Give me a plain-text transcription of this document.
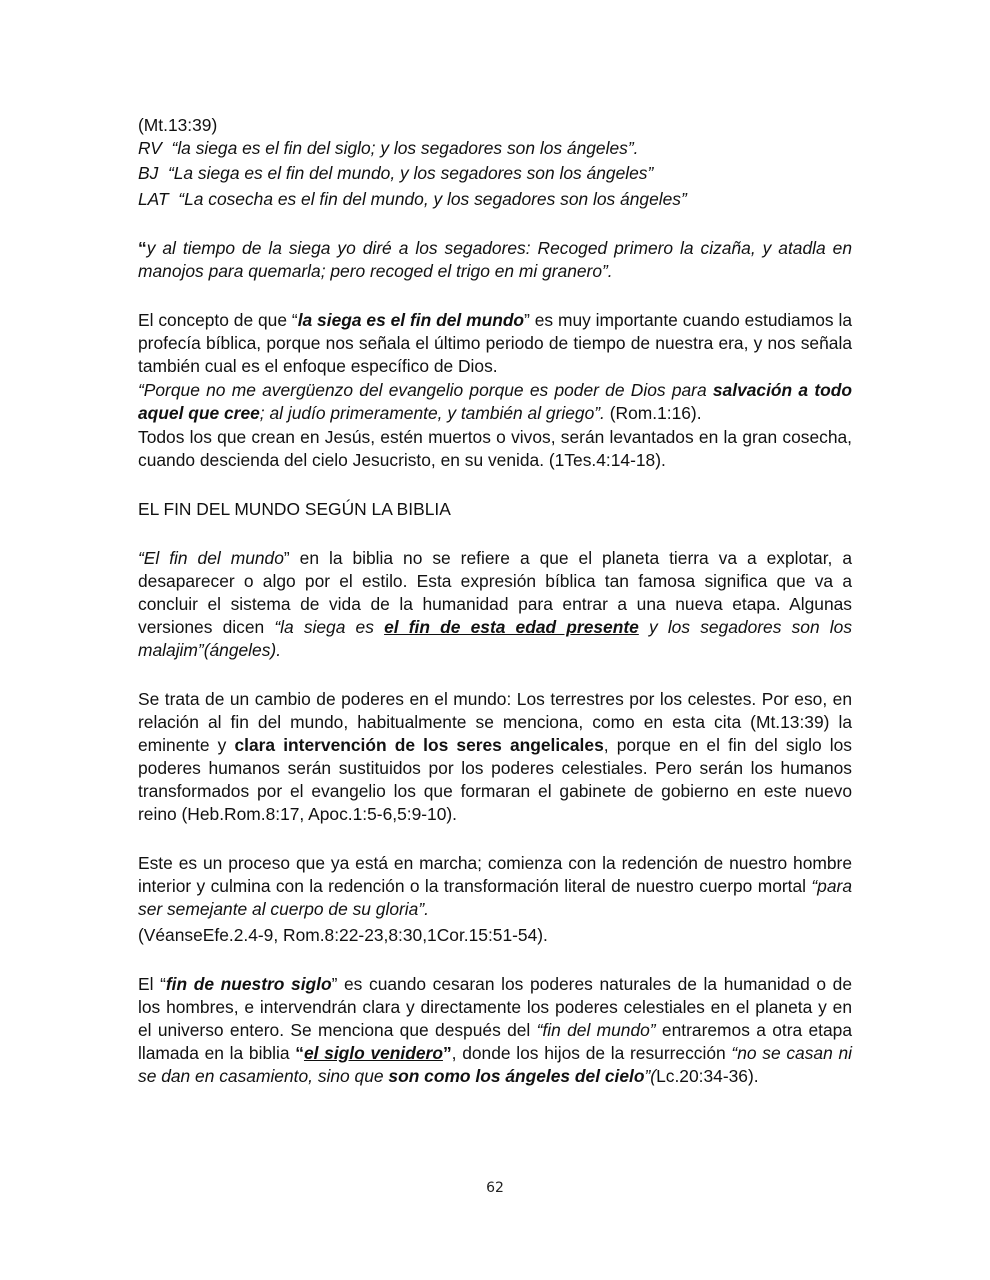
(Mt.13:39)
RV “la siega es el fin del siglo; y los segadores son los ángeles”.
BJ “La siega es el fin del mundo, y los segadores son los ángeles”
LAT “La cosecha es el fin del mundo, y los segadores son los ángeles”

“y al tiempo de la siega yo diré a los segadores: Recoged primero la cizaña, y atadla en manojos para quemarla; pero recoged el trigo en mi granero”.

El concepto de que “la siega es el fin del mundo” es muy importante cuando estudiamos la profecía bíblica, porque nos señala el último periodo de tiempo de nuestra era, y nos señala también cual es el enfoque específico de Dios.

“Porque no me avergüenzo del evangelio porque es poder de Dios para salvación a todo aquel que cree; al judío primeramente, y también al griego”. (Rom.1:16).

Todos los que crean en Jesús, estén muertos o vivos, serán levantados en la gran cosecha, cuando descienda del cielo Jesucristo, en su venida. (1Tes.4:14-18).

EL FIN DEL MUNDO SEGÚN LA BIBLIA

“El fin del mundo” en la biblia no se refiere a que el planeta tierra va a explotar, a desaparecer o algo por el estilo. Esta expresión bíblica tan famosa significa que va a concluir el sistema de vida de la humanidad para entrar a una nueva etapa. Algunas versiones dicen “la siega es el fin de esta edad presente y los segadores son los malajim”(ángeles).

Se trata de un cambio de poderes en el mundo: Los terrestres por los celestes. Por eso, en relación al fin del mundo, habitualmente se menciona, como en esta cita (Mt.13:39) la eminente y clara intervención de los seres angelicales, porque en el fin del siglo los poderes humanos serán sustituidos por los poderes celestiales. Pero serán los humanos transformados por el evangelio los que formaran el gabinete de gobierno en este nuevo reino (Heb.Rom.8:17, Apoc.1:5-6,5:9-10).

Este es un proceso que ya está en marcha; comienza con la redención de nuestro hombre interior y culmina con la redención o la transformación literal de nuestro cuerpo mortal “para ser semejante al cuerpo de su gloria”.

(VéanseEfe.2.4-9, Rom.8:22-23,8:30,1Cor.15:51-54).

El “fin de nuestro siglo” es cuando cesaran los poderes naturales de la humanidad o de los hombres, e intervendrán clara y directamente los poderes celestiales en el planeta y en el universo entero. Se menciona que después del “fin del mundo” entraremos a otra etapa llamada en la biblia “el siglo venidero”, donde los hijos de la resurrección “no se casan ni se dan en casamiento, sino que son como los ángeles del cielo”(Lc.20:34-36).

62
